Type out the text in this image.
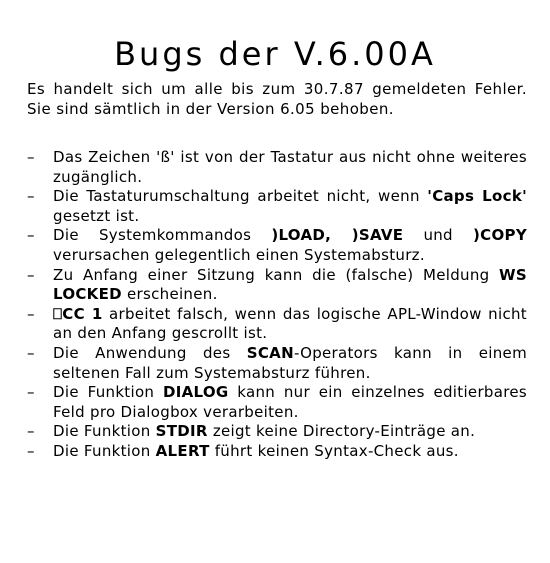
Bugs der V.6.00A

Es handelt sich um alle bis zum 30.7.87 gemeldeten Fehler. Sie sind sämtlich in der Version 6.05 behoben.

– Das Zeichen 'ß' ist von der Tastatur aus nicht ohne weiteres zugänglich.
– Die Tastaturumschaltung arbeitet nicht, wenn 'Caps Lock' gesetzt ist.
– Die Systemkommandos )LOAD, )SAVE und )COPY verursachen gelegentlich einen Systemabsturz.
– Zu Anfang einer Sitzung kann die (falsche) Meldung WS LOCKED erscheinen.
– ⎕CC 1 arbeitet falsch, wenn das logische APL-Window nicht an den Anfang gescrollt ist.
– Die Anwendung des SCAN-Operators kann in einem seltenen Fall zum Systemabsturz führen.
– Die Funktion DIALOG kann nur ein einzelnes editierbares Feld pro Dialogbox verarbeiten.
– Die Funktion STDIR zeigt keine Directory-Einträge an.
– Die Funktion ALERT führt keinen Syntax-Check aus.
